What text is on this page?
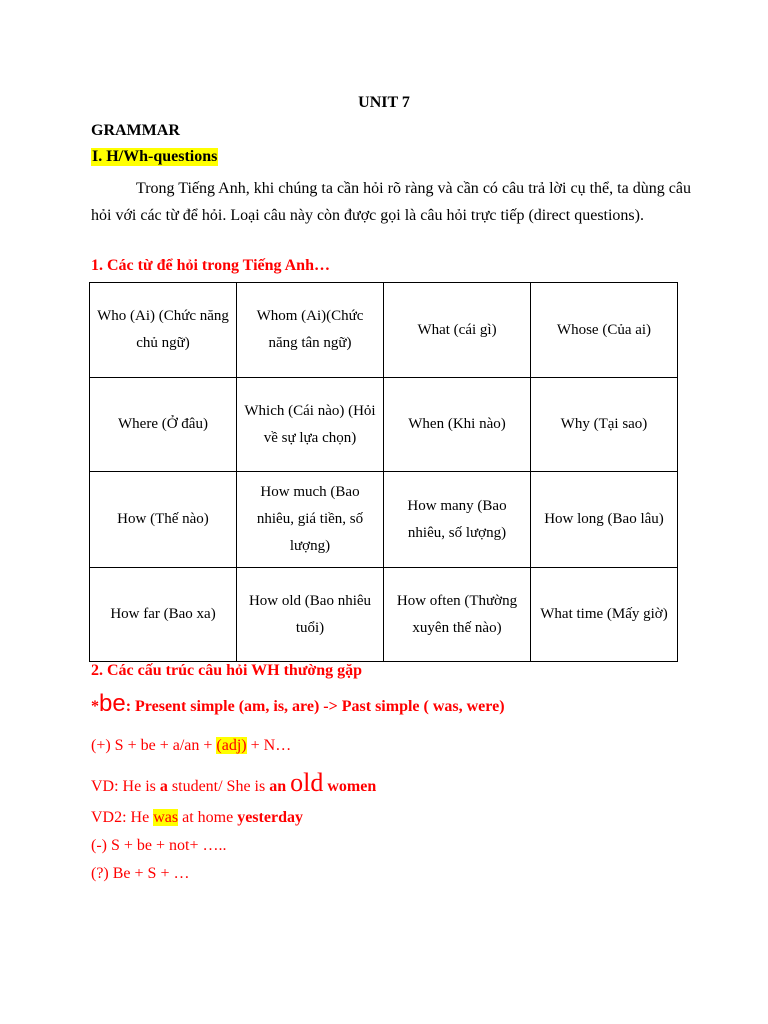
UNIT 7
GRAMMAR
I. H/Wh-questions
Trong Tiếng Anh, khi chúng ta cần hỏi rõ ràng và cần có câu trả lời cụ thể, ta dùng câu hỏi với các từ để hỏi. Loại câu này còn được gọi là câu hỏi trực tiếp (direct questions).
1. Các từ để hỏi trong Tiếng Anh…
Who (Ai) (Chức năng chủ ngữ)	Whom (Ai)(Chức năng tân ngữ)	What (cái gì)	Whose (Của ai)
Where (Ở đâu)	Which (Cái nào) (Hỏi về sự lựa chọn)	When (Khi nào)	Why (Tại sao)
How (Thế nào)	How much (Bao nhiêu, giá tiền, số lượng)	How many (Bao nhiêu, số lượng)	How long (Bao lâu)
How far (Bao xa)	How old (Bao nhiêu tuổi)	How often (Thường xuyên thế nào)	What time (Mấy giờ)
2. Các cấu trúc câu hỏi WH thường gặp
*be: Present simple (am, is, are) -> Past simple ( was, were)
(+) S + be + a/an + (adj) + N…
VD: He is a student/ She is an old women
VD2: He was at home yesterday
(-) S + be + not+ …..
(?) Be + S + …
